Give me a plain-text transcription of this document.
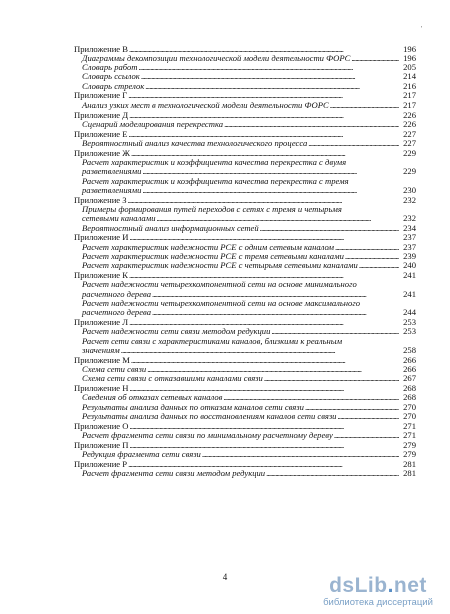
'
Приложение В . . .	196
Диаграммы декомпозиции технологической модели деятельности ФОРС . . .	196
Словарь работ . . .	205
Словарь ссылок . . .	214
Словарь стрелок . . .	216
Приложение Г . . .	217
Анализ узких мест в технологической модели деятельности ФОРС . . .	217
Приложение Д . . .	226
Сценарий моделирования перекрестка . . .	226
Приложение Е . . .	227
Вероятностный анализ качества технологического процесса . . .	227
Приложение Ж . . .	229
Расчет характеристик и коэффициента качества перекрестка с двумя
разветвлениями . . .	229
Расчет характеристик и коэффициента качества перекрестка с тремя
разветвлениями . . .	230
Приложение З . . .	232
Примеры формирования путей переходов с сетях с тремя и четырьмя
сетевыми каналами . . .	232
Вероятностный анализ информационных сетей . . .	234
Приложение И . . .	237
Расчет характеристик надежности РСЕ с одним сетевым каналом . . .	237
Расчет характеристик надежности РСЕ с тремя сетевыми каналами . . .	239
Расчет характеристик надежности РСЕ с четырьмя сетевыми каналами . . .	240
Приложение К . . .	241
Расчет надежности четырехкомпонентной сети на основе минимального
расчетного дерева . . .	241
Расчет надежности четырехкомпонентной сети на основе максимального
расчетного дерева . . .	244
Приложение Л . . .	253
Расчет надежности сети связи методом редукции . . .	253
Расчет сети связи с характеристиками каналов, близкими к реальным
значениям . . .	258
Приложение М . . .	266
Схема сети связи . . .	266
Схема сети связи с отказавшими каналами связи . . .	267
Приложение Н . . .	268
Сведения об отказах сетевых каналов . . .	268
Результаты анализа данных по отказам каналов сети связи . . .	270
Результаты анализа данных по восстановлениям каналов сети связи . . .	270
Приложение О . . .	271
Расчет фрагмента сети связи по минимальному расчетному дереву . . .	271
Приложение П . . .	279
Редукция фрагмента сети связи . . .	279
Приложение Р . . .	281
Расчет фрагмента сети связи методом редукции . . .	281
4	dsLib.net
библиотека диссертаций
